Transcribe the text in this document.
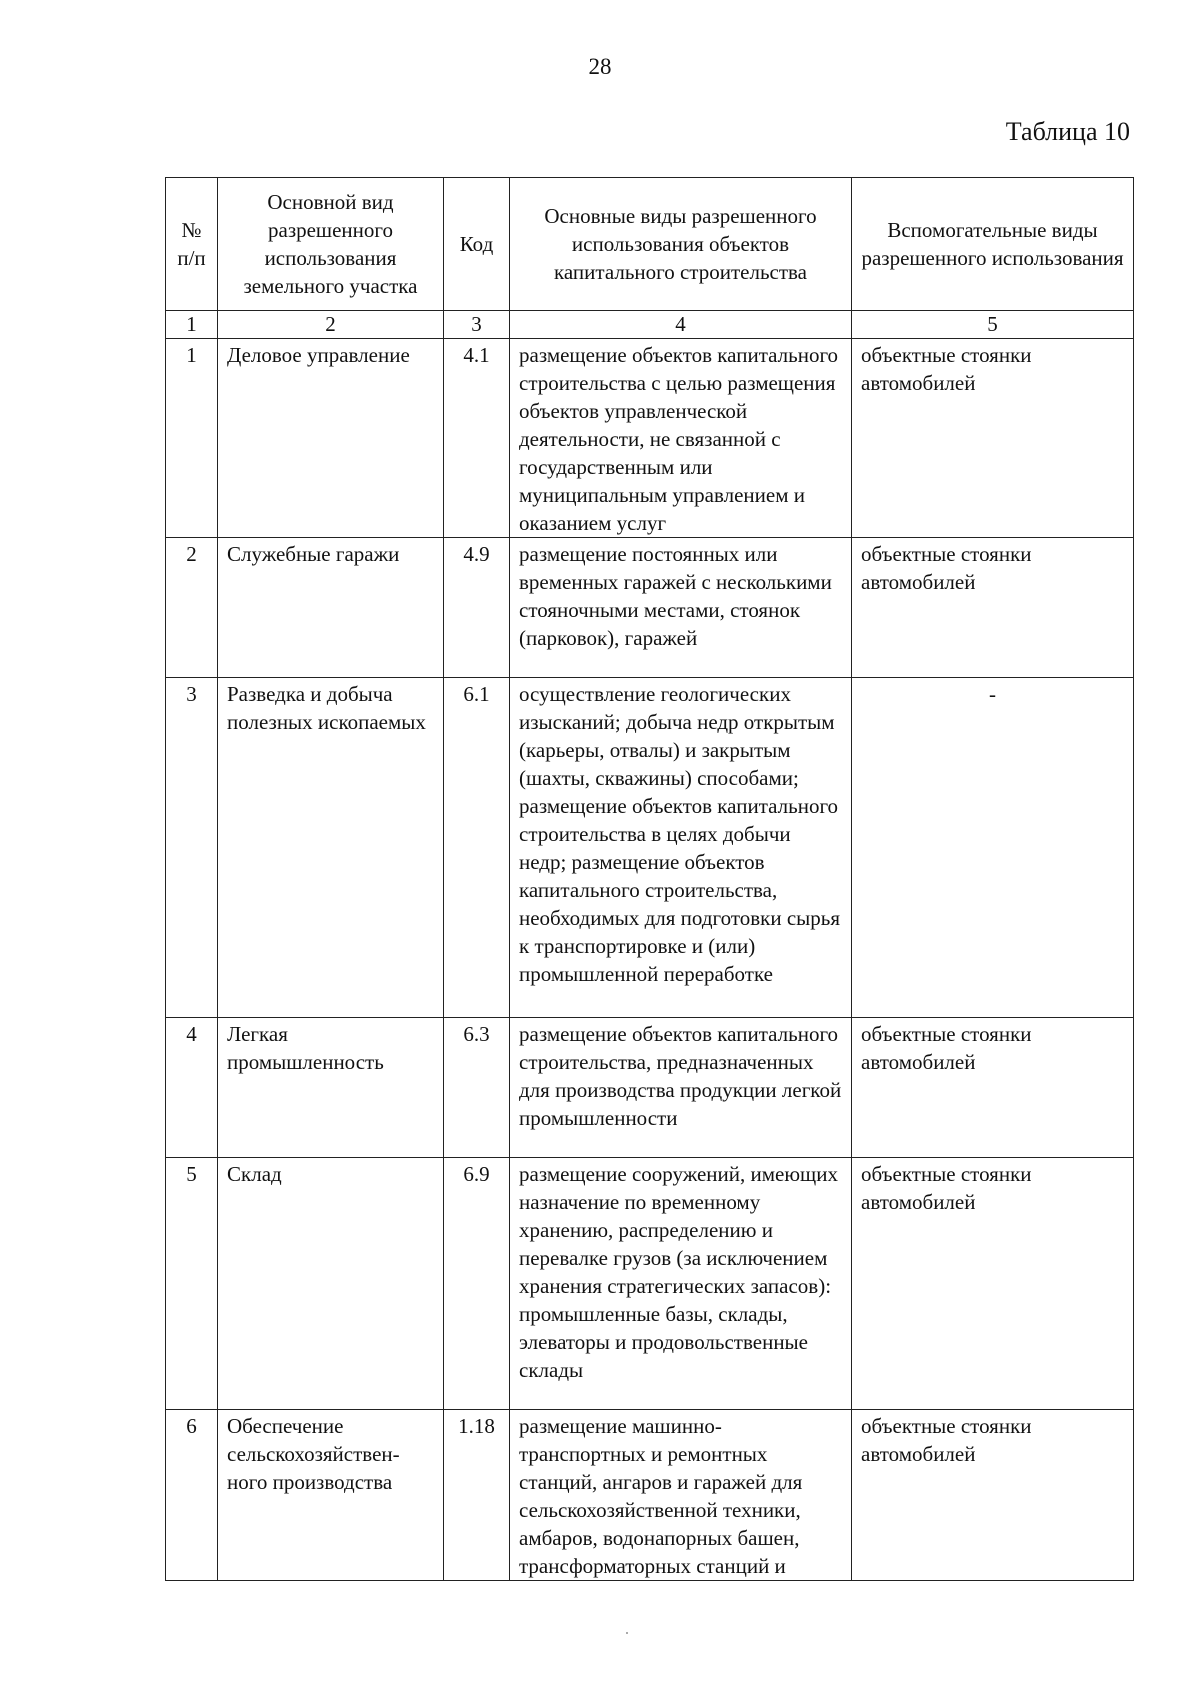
28
Таблица 10
№ п/п	Основной вид разрешенного использования земельного участка	Код	Основные виды разрешенного использования объектов капитального строительства	Вспомогательные виды разрешенного использования
1	2	3	4	5
1	Деловое управление	4.1	размещение объектов капитального строительства с целью размещения объектов управленческой деятельности, не связанной с государственным или муниципальным управлением и оказанием услуг	объектные стоянки автомобилей

2	Служебные гаражи	4.9	размещение постоянных или временных гаражей с несколькими стояночными местами, стоянок (парковок), гаражей	объектные стоянки автомобилей

3	Разведка и добыча полезных ископаемых	6.1	осуществление геологических изысканий; добыча недр открытым (карьеры, отвалы) и закрытым (шахты, скважины) способами; размещение объектов капитального строительства в целях добычи недр; размещение объектов капитального строительства, необходимых для подготовки сырья к транспортировке и (или) промышленной переработке	-

4	Легкая промышленность	6.3	размещение объектов капитального строительства, предназначенных для производства продукции легкой промышленности	объектные стоянки автомобилей

5	Склад	6.9	размещение сооружений, имеющих назначение по временному хранению, распределению и перевалке грузов (за исключением хранения стратегических запасов): промышленные базы, склады, элеваторы и продовольственные склады	объектные стоянки автомобилей

6	Обеспечение сельскохозяйствен-ного производства	1.18	размещение машинно-транспортных и ремонтных станций, ангаров и гаражей для сельскохозяйственной техники, амбаров, водонапорных башен, трансформаторных станций и	объектные стоянки автомобилей
